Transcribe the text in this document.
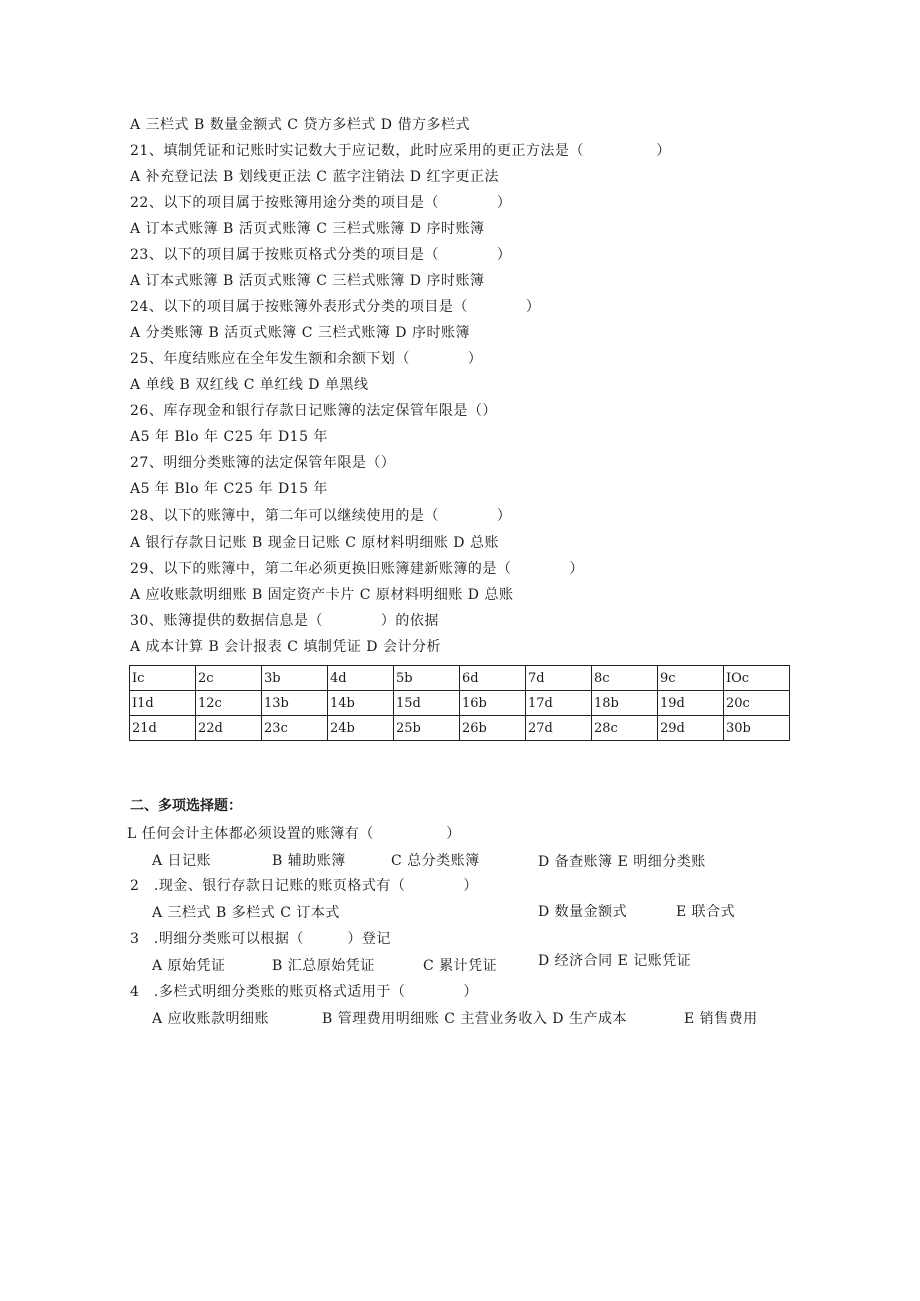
A 三栏式 B 数量金额式 C 贷方多栏式 D 借方多栏式
21、填制凭证和记账时实记数大于应记数，此时应采用的更正方法是（　　　　　）
A 补充登记法 B 划线更正法 C 蓝字注销法 D 红字更正法
22、以下的项目属于按账簿用途分类的项目是（　　　　）
A 订本式账簿 B 活页式账簿 C 三栏式账簿 D 序时账簿
23、以下的项目属于按账页格式分类的项目是（　　　　）
A 订本式账簿 B 活页式账簿 C 三栏式账簿 D 序时账簿
24、以下的项目属于按账簿外表形式分类的项目是（　　　　）
A 分类账簿 B 活页式账簿 C 三栏式账簿 D 序时账簿
25、年度结账应在全年发生额和余额下划（　　　　）
A 单线 B 双红线 C 单红线 D 单黑线
26、库存现金和银行存款日记账簿的法定保管年限是（）
A5 年 Blo 年 C25 年 D15 年
27、明细分类账簿的法定保管年限是（）
A5 年 Blo 年 C25 年 D15 年
28、以下的账簿中，第二年可以继续使用的是（　　　　）
A 银行存款日记账 B 现金日记账 C 原材料明细账 D 总账
29、以下的账簿中，第二年必须更换旧账簿建新账簿的是（　　　　）
A 应收账款明细账 B 固定资产卡片 C 原材料明细账 D 总账
30、账簿提供的数据信息是（　　　　）的依据
A 成本计算 B 会计报表 C 填制凭证 D 会计分析
Ic	2c	3b	4d	5b	6d	7d	8c	9c	IOc
I1d	12c	13b	14b	15d	16b	17d	18b	19d	20c
21d	22d	23c	24b	25b	26b	27d	28c	29d	30b
二、多项选择题：
L 任何会计主体都必须设置的账簿有（　　　　　）
A 日记账	B 辅助账簿	C 总分类账簿	D 备查账簿 E 明细分类账
2　.现金、银行存款日记账的账页格式有（　　　　）
A 三栏式 B 多栏式 C 订本式	D 数量金额式	E 联合式
3　.明细分类账可以根据（　　　）登记
A 原始凭证	B 汇总原始凭证	C 累计凭证	D 经济合同 E 记账凭证
4　.多栏式明细分类账的账页格式适用于（　　　　）
A 应收账款明细账	B 管理费用明细账 C 主营业务收入 D 生产成本	E 销售费用
